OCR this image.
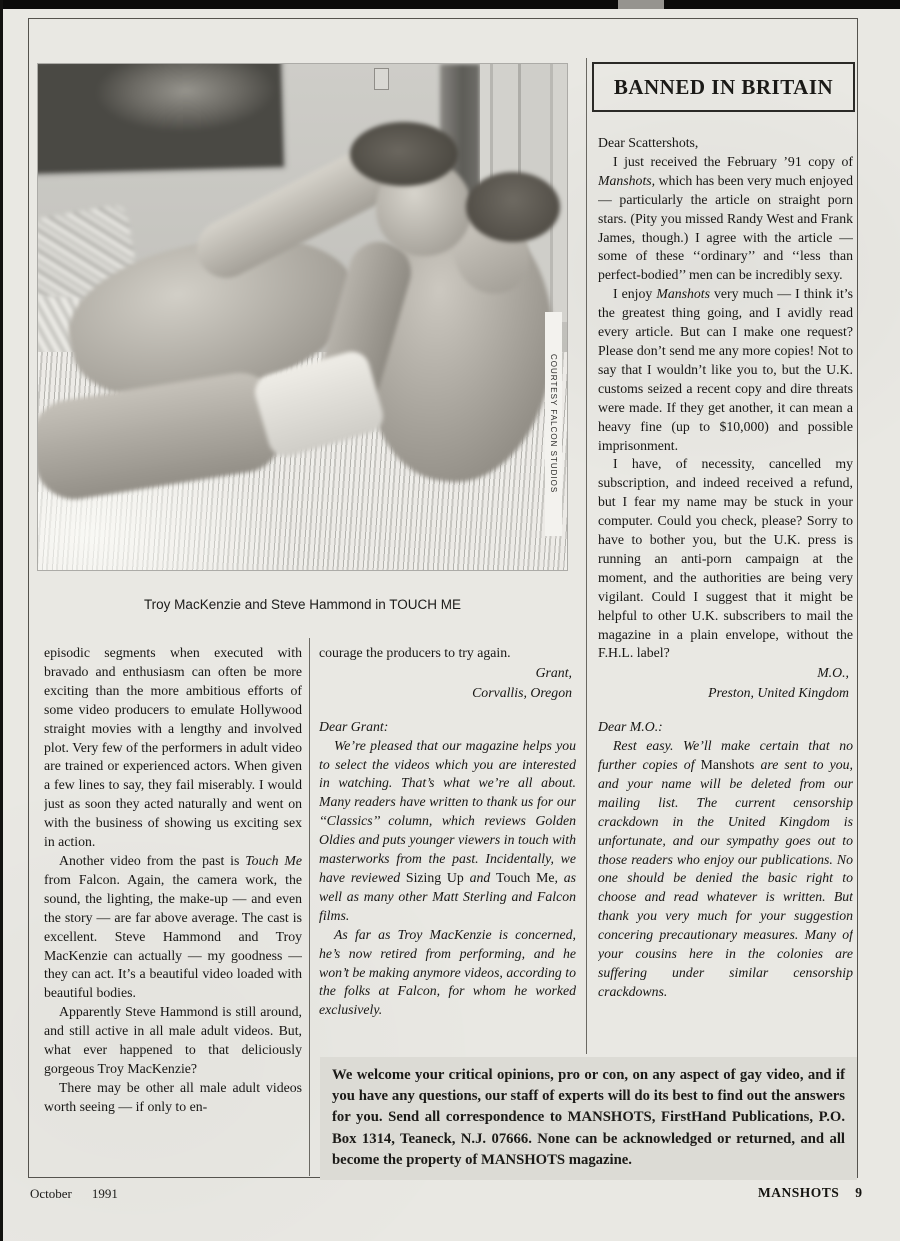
COURTESY FALCON STUDIOS
Troy MacKenzie and Steve Hammond in TOUCH ME
BANNED IN BRITAIN

episodic segments when executed with bravado and enthusiasm can often be more exciting than the more ambitious efforts of some video producers to emulate Hollywood straight movies with a lengthy and involved plot. Very few of the performers in adult video are trained or experienced actors. When given a few lines to say, they fail miserably. I would just as soon they acted naturally and went on with the business of showing us exciting sex in action.

Another video from the past is Touch Me from Falcon. Again, the camera work, the sound, the lighting, the make-up — and even the story — are far above average. The cast is excellent. Steve Hammond and Troy MacKenzie can actually — my goodness — they can act. It’s a beautiful video loaded with beautiful bodies.

Apparently Steve Hammond is still around, and still active in all male adult videos. But, what ever happened to that deliciously gorgeous Troy MacKenzie?

There may be other all male adult videos worth seeing — if only to en-

courage the producers to try again.

Grant,

Corvallis, Oregon

Dear Grant:

We’re pleased that our magazine helps you to select the videos which you are interested in watching. That’s what we’re all about. Many readers have written to thank us for our ‘‘Classics’’ column, which reviews Golden Oldies and puts younger viewers in touch with masterworks from the past. Incidentally, we have reviewed Sizing Up and Touch Me, as well as many other Matt Sterling and Falcon films.

As far as Troy MacKenzie is concerned, he’s now retired from performing, and he won’t be making anymore videos, according to the folks at Falcon, for whom he worked exclusively.

Dear Scattershots,

I just received the February ’91 copy of Manshots, which has been very much enjoyed — particularly the article on straight porn stars. (Pity you missed Randy West and Frank James, though.) I agree with the article — some of these ‘‘ordinary’’ and ‘‘less than perfect-bodied’’ men can be incredibly sexy.

I enjoy Manshots very much — I think it’s the greatest thing going, and I avidly read every article. But can I make one request? Please don’t send me any more copies! Not to say that I wouldn’t like you to, but the U.K. customs seized a recent copy and dire threats were made. If they get another, it can mean a heavy fine (up to $10,000) and possible imprisonment.

I have, of necessity, cancelled my subscription, and indeed received a refund, but I fear my name may be stuck in your computer. Could you check, please? Sorry to have to bother you, but the U.K. press is running an anti-porn campaign at the moment, and the authorities are being very vigilant. Could I suggest that it might be helpful to other U.K. subscribers to mail the magazine in a plain envelope, without the F.H.L. label?

M.O.,

Preston, United Kingdom

Dear M.O.:

Rest easy. We’ll make certain that no further copies of Manshots are sent to you, and your name will be deleted from our mailing list. The current censorship crackdown in the United Kingdom is unfortunate, and our sympathy goes out to those readers who enjoy our publications. No one should be denied the basic right to choose and read whatever is written. But thank you very much for your suggestion concering precautionary measures. Many of your cousins here in the colonies are suffering under similar censorship crackdowns.

We welcome your critical opinions, pro or con, on any aspect of gay video, and if you have any questions, our staff of experts will do its best to find out the answers for you. Send all correspondence to MANSHOTS, FirstHand Publications, P.O. Box 1314, Teaneck, N.J. 07666. None can be acknowledged or returned, and all become the property of MANSHOTS magazine.
October 1991	MANSHOTS 9
